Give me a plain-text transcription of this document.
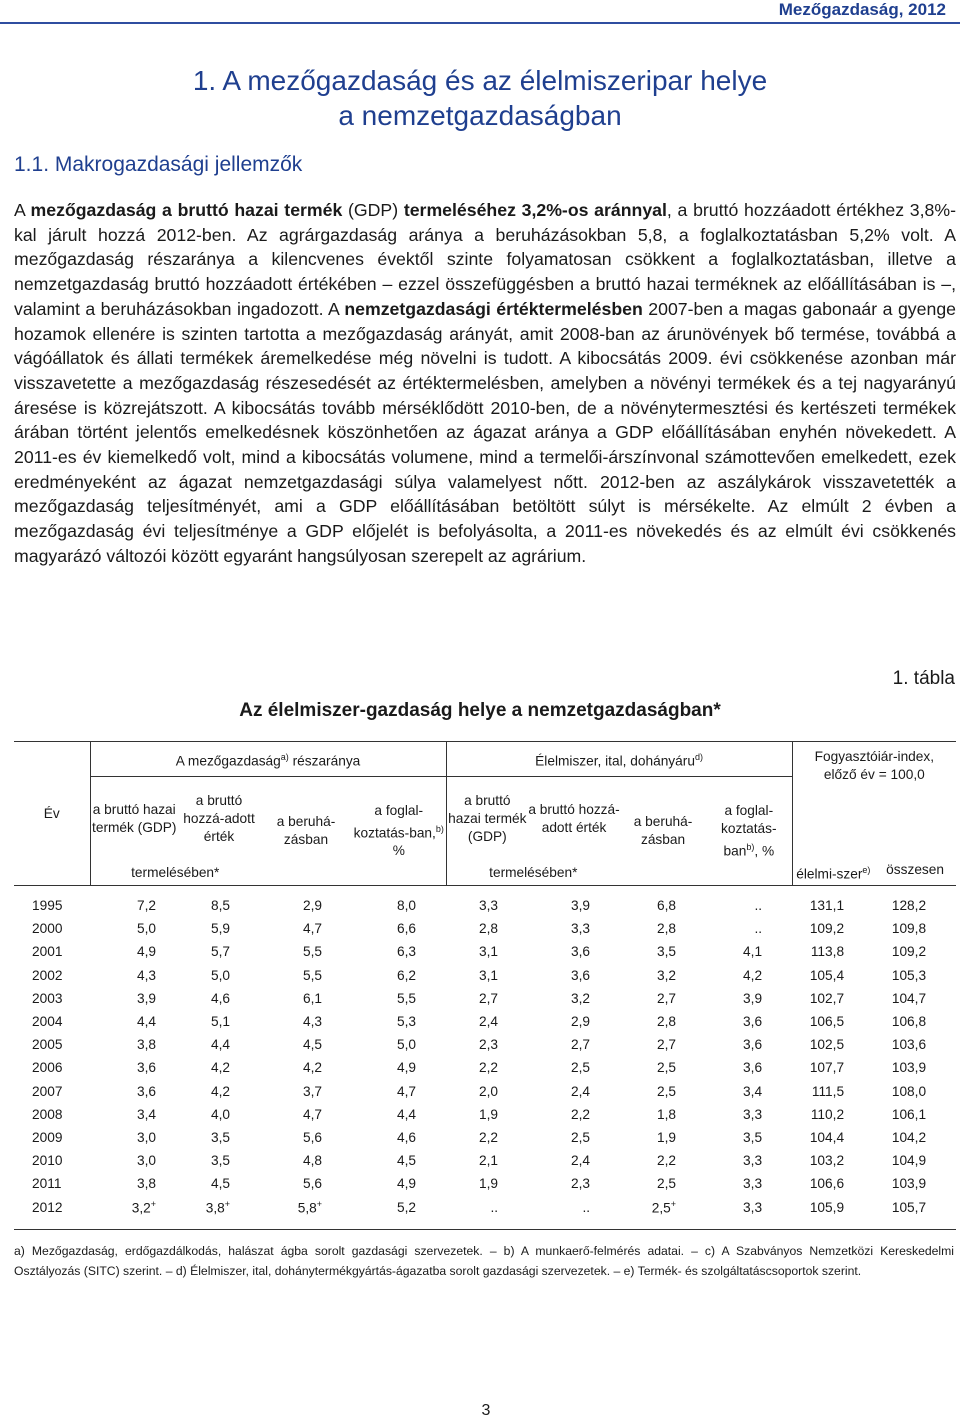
Mezőgazdaság, 2012
1. A mezőgazdaság és az élelmiszeripar helye
a nemzetgazdaságban
1.1. Makrogazdasági jellemzők

A mezőgazdaság a bruttó hazai termék (GDP) termeléséhez 3,2%-os aránnyal, a bruttó hozzáadott értékhez 3,8%-kal járult hozzá 2012-ben. Az agrárgazdaság aránya a beruházásokban 5,8, a foglalkoztatásban 5,2% volt. A mezőgazdaság részaránya a kilencvenes évektől szinte folyamatosan csökkent a foglalkoztatásban, illetve a nemzetgazdaság bruttó hozzáadott értékében – ezzel összefüggésben a bruttó hazai terméknek az előállításában is –, valamint a beruházásokban ingadozott. A nemzetgazdasági értéktermelésben 2007-ben a magas gabonaár a gyenge hozamok ellenére is szinten tartotta a mezőgazdaság arányát, amit 2008-ban az árunövények bő termése, továbbá a vágóállatok és állati termékek áremelkedése még növelni is tudott. A kibocsátás 2009. évi csökkenése azonban már visszavetette a mezőgazdaság részesedését az értéktermelésben, amelyben a növényi termékek és a tej nagyarányú áresése is közrejátszott. A kibocsátás tovább mérséklődött 2010-ben, de a növénytermesztési és kertészeti termékek árában történt jelentős emelkedésnek köszönhetően az ágazat aránya a GDP előállításában enyhén növekedett. A 2011-es év kiemelkedő volt, mind a kibocsátás volumene, mind a termelői-árszínvonal számottevően emelkedett, ezek eredményeként az ágazat nemzetgazdasági súlya valamelyest nőtt. 2012-ben az aszálykárok visszavetették a mezőgazdaság teljesítményét, ami a GDP előállításában betöltött súlyt is mérsékelte. Az elmúlt 2 évben a mezőgazdaság évi teljesítménye a GDP előjelét is befolyásolta, a 2011-es növekedés és az elmúlt évi csökkenés magyarázó változói között egyaránt hangsúlyosan szerepelt az agrárium.

1. tábla
Az élelmiszer-gazdaság helye a nemzetgazdaságban*
Év	A mezőgazdaság$^{a)}$ részaránya				Élelmiszer, ital, dohányáru$^{d)}$				Fogyasztóiár-index, előző év = 100,0	

	a bruttó hazai termék (GDP)	a bruttó hozzá-adott érték	a beruhá-zásban	a foglal-koztatás-ban,$^{b)}$ %	a bruttó hazai termék (GDP)	a bruttó hozzá-adott érték	a beruhá-zásban	a foglal-koztatás-ban$^{b)}$, %		
	termelésében*				termelésében*				élelmi-szer$^{e)}$	összesen
1995	7,2	8,5	2,9	8,0	3,3	3,9	6,8	..	131,1	128,2
2000	5,0	5,9	4,7	6,6	2,8	3,3	2,8	..	109,2	109,8
2001	4,9	5,7	5,5	6,3	3,1	3,6	3,5	4,1	113,8	109,2
2002	4,3	5,0	5,5	6,2	3,1	3,6	3,2	4,2	105,4	105,3
2003	3,9	4,6	6,1	5,5	2,7	3,2	2,7	3,9	102,7	104,7
2004	4,4	5,1	4,3	5,3	2,4	2,9	2,8	3,6	106,5	106,8
2005	3,8	4,4	4,5	5,0	2,3	2,7	2,7	3,6	102,5	103,6
2006	3,6	4,2	4,2	4,9	2,2	2,5	2,5	3,6	107,7	103,9
2007	3,6	4,2	3,7	4,7	2,0	2,4	2,5	3,4	111,5	108,0
2008	3,4	4,0	4,7	4,4	1,9	2,2	1,8	3,3	110,2	106,1
2009	3,0	3,5	5,6	4,6	2,2	2,5	1,9	3,5	104,4	104,2
2010	3,0	3,5	4,8	4,5	2,1	2,4	2,2	3,3	103,2	104,9
2011	3,8	4,5	5,6	4,9	1,9	2,3	2,5	3,3	106,6	103,9
2012	3,2+	3,8+	5,8+	5,2	..	..	2,5+	3,3	105,9	105,7
a) Mezőgazdaság, erdőgazdálkodás, halászat ágba sorolt gazdasági szervezetek. – b) A munkaerő-felmérés adatai. – c) A Szabványos Nemzetközi Kereskedelmi Osztályozás (SITC) szerint. – d) Élelmiszer, ital, dohánytermékgyártás-ágazatba sorolt gazdasági szervezetek. – e) Termék- és szolgáltatáscsoportok szerint.
3
